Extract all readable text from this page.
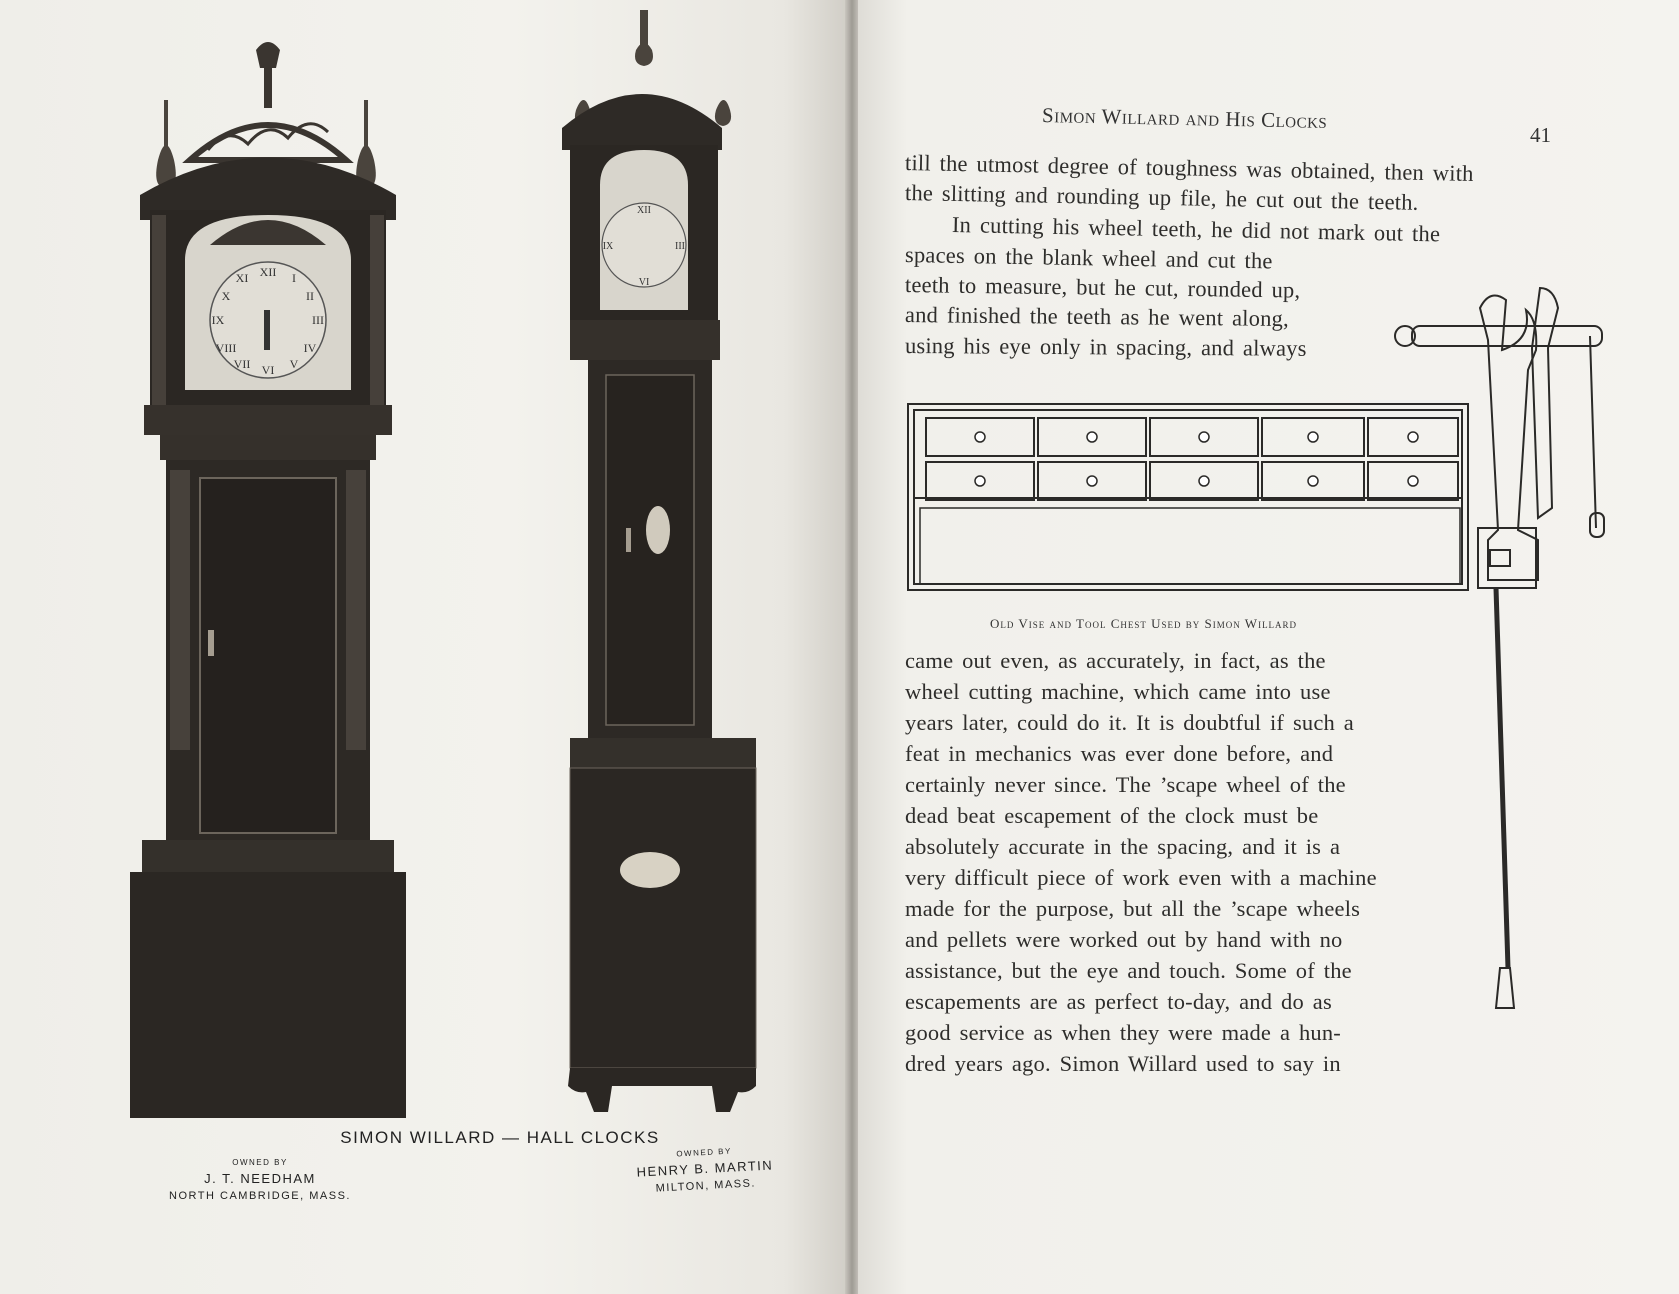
XII
VI
IX	III
XI	I
X	II
VIII	IV
VII	V
XII
VI
IX	III
SIMON WILLARD — HALL CLOCKS
OWNED BY
J. T. NEEDHAM
NORTH CAMBRIDGE, MASS.
OWNED BY
HENRY B. MARTIN
MILTON, MASS.
Simon Willard and His Clocks
41
till the utmost degree of toughness was obtained, then with
the slitting and rounding up file, he cut out the teeth.
In cutting his wheel teeth, he did not mark out the
spaces on the blank wheel and cut the
teeth to measure, but he cut, rounded up,
and finished the teeth as he went along,
using his eye only in spacing, and always
Old Vise and Tool Chest Used by Simon Willard
came out even, as accurately, in fact, as the
wheel cutting machine, which came into use
years later, could do it. It is doubtful if such a
feat in mechanics was ever done before, and
certainly never since. The ’scape wheel of the
dead beat escapement of the clock must be
absolutely accurate in the spacing, and it is a
very difficult piece of work even with a machine
made for the purpose, but all the ’scape wheels
and pellets were worked out by hand with no
assistance, but the eye and touch. Some of the
escapements are as perfect to-day, and do as
good service as when they were made a hun-
dred years ago. Simon Willard used to say in
